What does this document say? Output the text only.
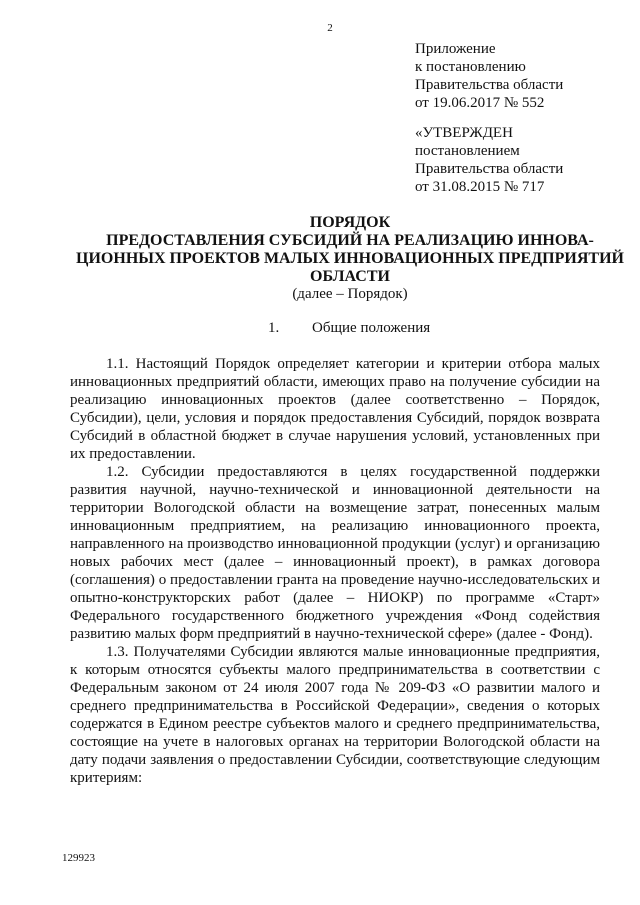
2
Приложение
к постановлению
Правительства области
от 19.06.2017 № 552
«УТВЕРЖДЕН
постановлением
Правительства области
от 31.08.2015 № 717
ПОРЯДОК
ПРЕДОСТАВЛЕНИЯ СУБСИДИЙ НА РЕАЛИЗАЦИЮ ИННОВА-
ЦИОННЫХ ПРОЕКТОВ МАЛЫХ ИННОВАЦИОННЫХ ПРЕДПРИЯТИЙ
ОБЛАСТИ
(далее – Порядок)
1. Общие положения

1.1. Настоящий Порядок определяет категории и критерии отбора малых инновационных предприятий области, имеющих право на получение субсидии на реализацию инновационных проектов (далее соответственно – Порядок, Субсидии), цели, условия и порядок предоставления Субсидий, порядок возврата Субсидий в областной бюджет в случае нарушения условий, установленных при их предоставлении.

1.2. Субсидии предоставляются в целях государственной поддержки развития научной, научно-технической и инновационной деятельности на территории Вологодской области на возмещение затрат, понесенных малым инновационным предприятием, на реализацию инновационного проекта, направленного на производство инновационной продукции (услуг) и организацию новых рабочих мест (далее – инновационный проект), в рамках договора (соглашения) о предоставлении гранта на проведение научно-исследовательских и опытно-конструкторских работ (далее – НИОКР) по программе «Старт» Федерального государственного бюджетного учреждения «Фонд содействия развитию малых форм предприятий в научно-технической сфере» (далее - Фонд).

1.3. Получателями Субсидии являются малые инновационные предприятия, к которым относятся субъекты малого предпринимательства в соответствии с Федеральным законом от 24 июля 2007 года № 209-ФЗ «О развитии малого и среднего предпринимательства в Российской Федерации», сведения о которых содержатся в Едином реестре субъектов малого и среднего предпринимательства, состоящие на учете в налоговых органах на территории Вологодской области на дату подачи заявления о предоставлении Субсидии, соответствующие следующим критериям:

129923
